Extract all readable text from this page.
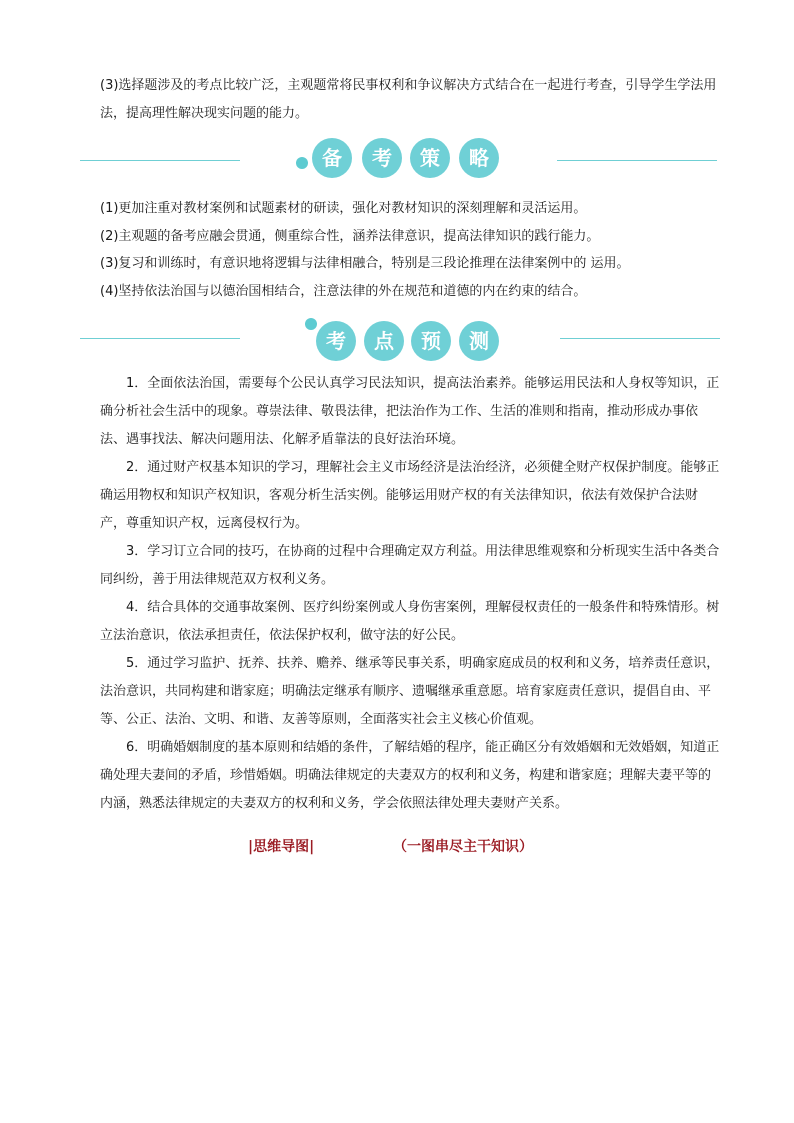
(3)选择题涉及的考点比较广泛，主观题常将民事权利和争议解决方式结合在一起进行考查，引导学生学法用法，提高理性解决现实问题的能力。

备	考	策	略

(1)更加注重对教材案例和试题素材的研读，强化对教材知识的深刻理解和灵活运用。

(2)主观题的备考应融会贯通，侧重综合性，涵养法律意识，提高法律知识的践行能力。

(3)复习和训练时，有意识地将逻辑与法律相融合，特别是三段论推理在法律案例中的 运用。

(4)坚持依法治国与以德治国相结合，注意法律的外在规范和道德的内在约束的结合。

考	点	预	测

1．全面依法治国，需要每个公民认真学习民法知识，提高法治素养。能够运用民法和人身权等知识，正确分析社会生活中的现象。尊崇法律、敬畏法律，把法治作为工作、生活的准则和指南，推动形成办事依法、遇事找法、解决问题用法、化解矛盾靠法的良好法治环境。

2．通过财产权基本知识的学习，理解社会主义市场经济是法治经济，必须健全财产权保护制度。能够正确运用物权和知识产权知识，客观分析生活实例。能够运用财产权的有关法律知识，依法有效保护合法财产，尊重知识产权，远离侵权行为。

3．学习订立合同的技巧，在协商的过程中合理确定双方利益。用法律思维观察和分析现实生活中各类合同纠纷，善于用法律规范双方权利义务。

4．结合具体的交通事故案例、医疗纠纷案例或人身伤害案例，理解侵权责任的一般条件和特殊情形。树立法治意识，依法承担责任，依法保护权利，做守法的好公民。

5．通过学习监护、抚养、扶养、赡养、继承等民事关系，明确家庭成员的权利和义务，培养责任意识，法治意识，共同构建和谐家庭；明确法定继承有顺序、遗嘱继承重意愿。培育家庭责任意识，提倡自由、平等、公正、法治、文明、和谐、友善等原则，全面落实社会主义核心价值观。

6．明确婚姻制度的基本原则和结婚的条件，了解结婚的程序，能正确区分有效婚姻和无效婚姻，知道正确处理夫妻间的矛盾，珍惜婚姻。明确法律规定的夫妻双方的权利和义务，构建和谐家庭；理解夫妻平等的内涵，熟悉法律规定的夫妻双方的权利和义务，学会依照法律处理夫妻财产关系。

|思维导图|	（一图串尽主干知识）
